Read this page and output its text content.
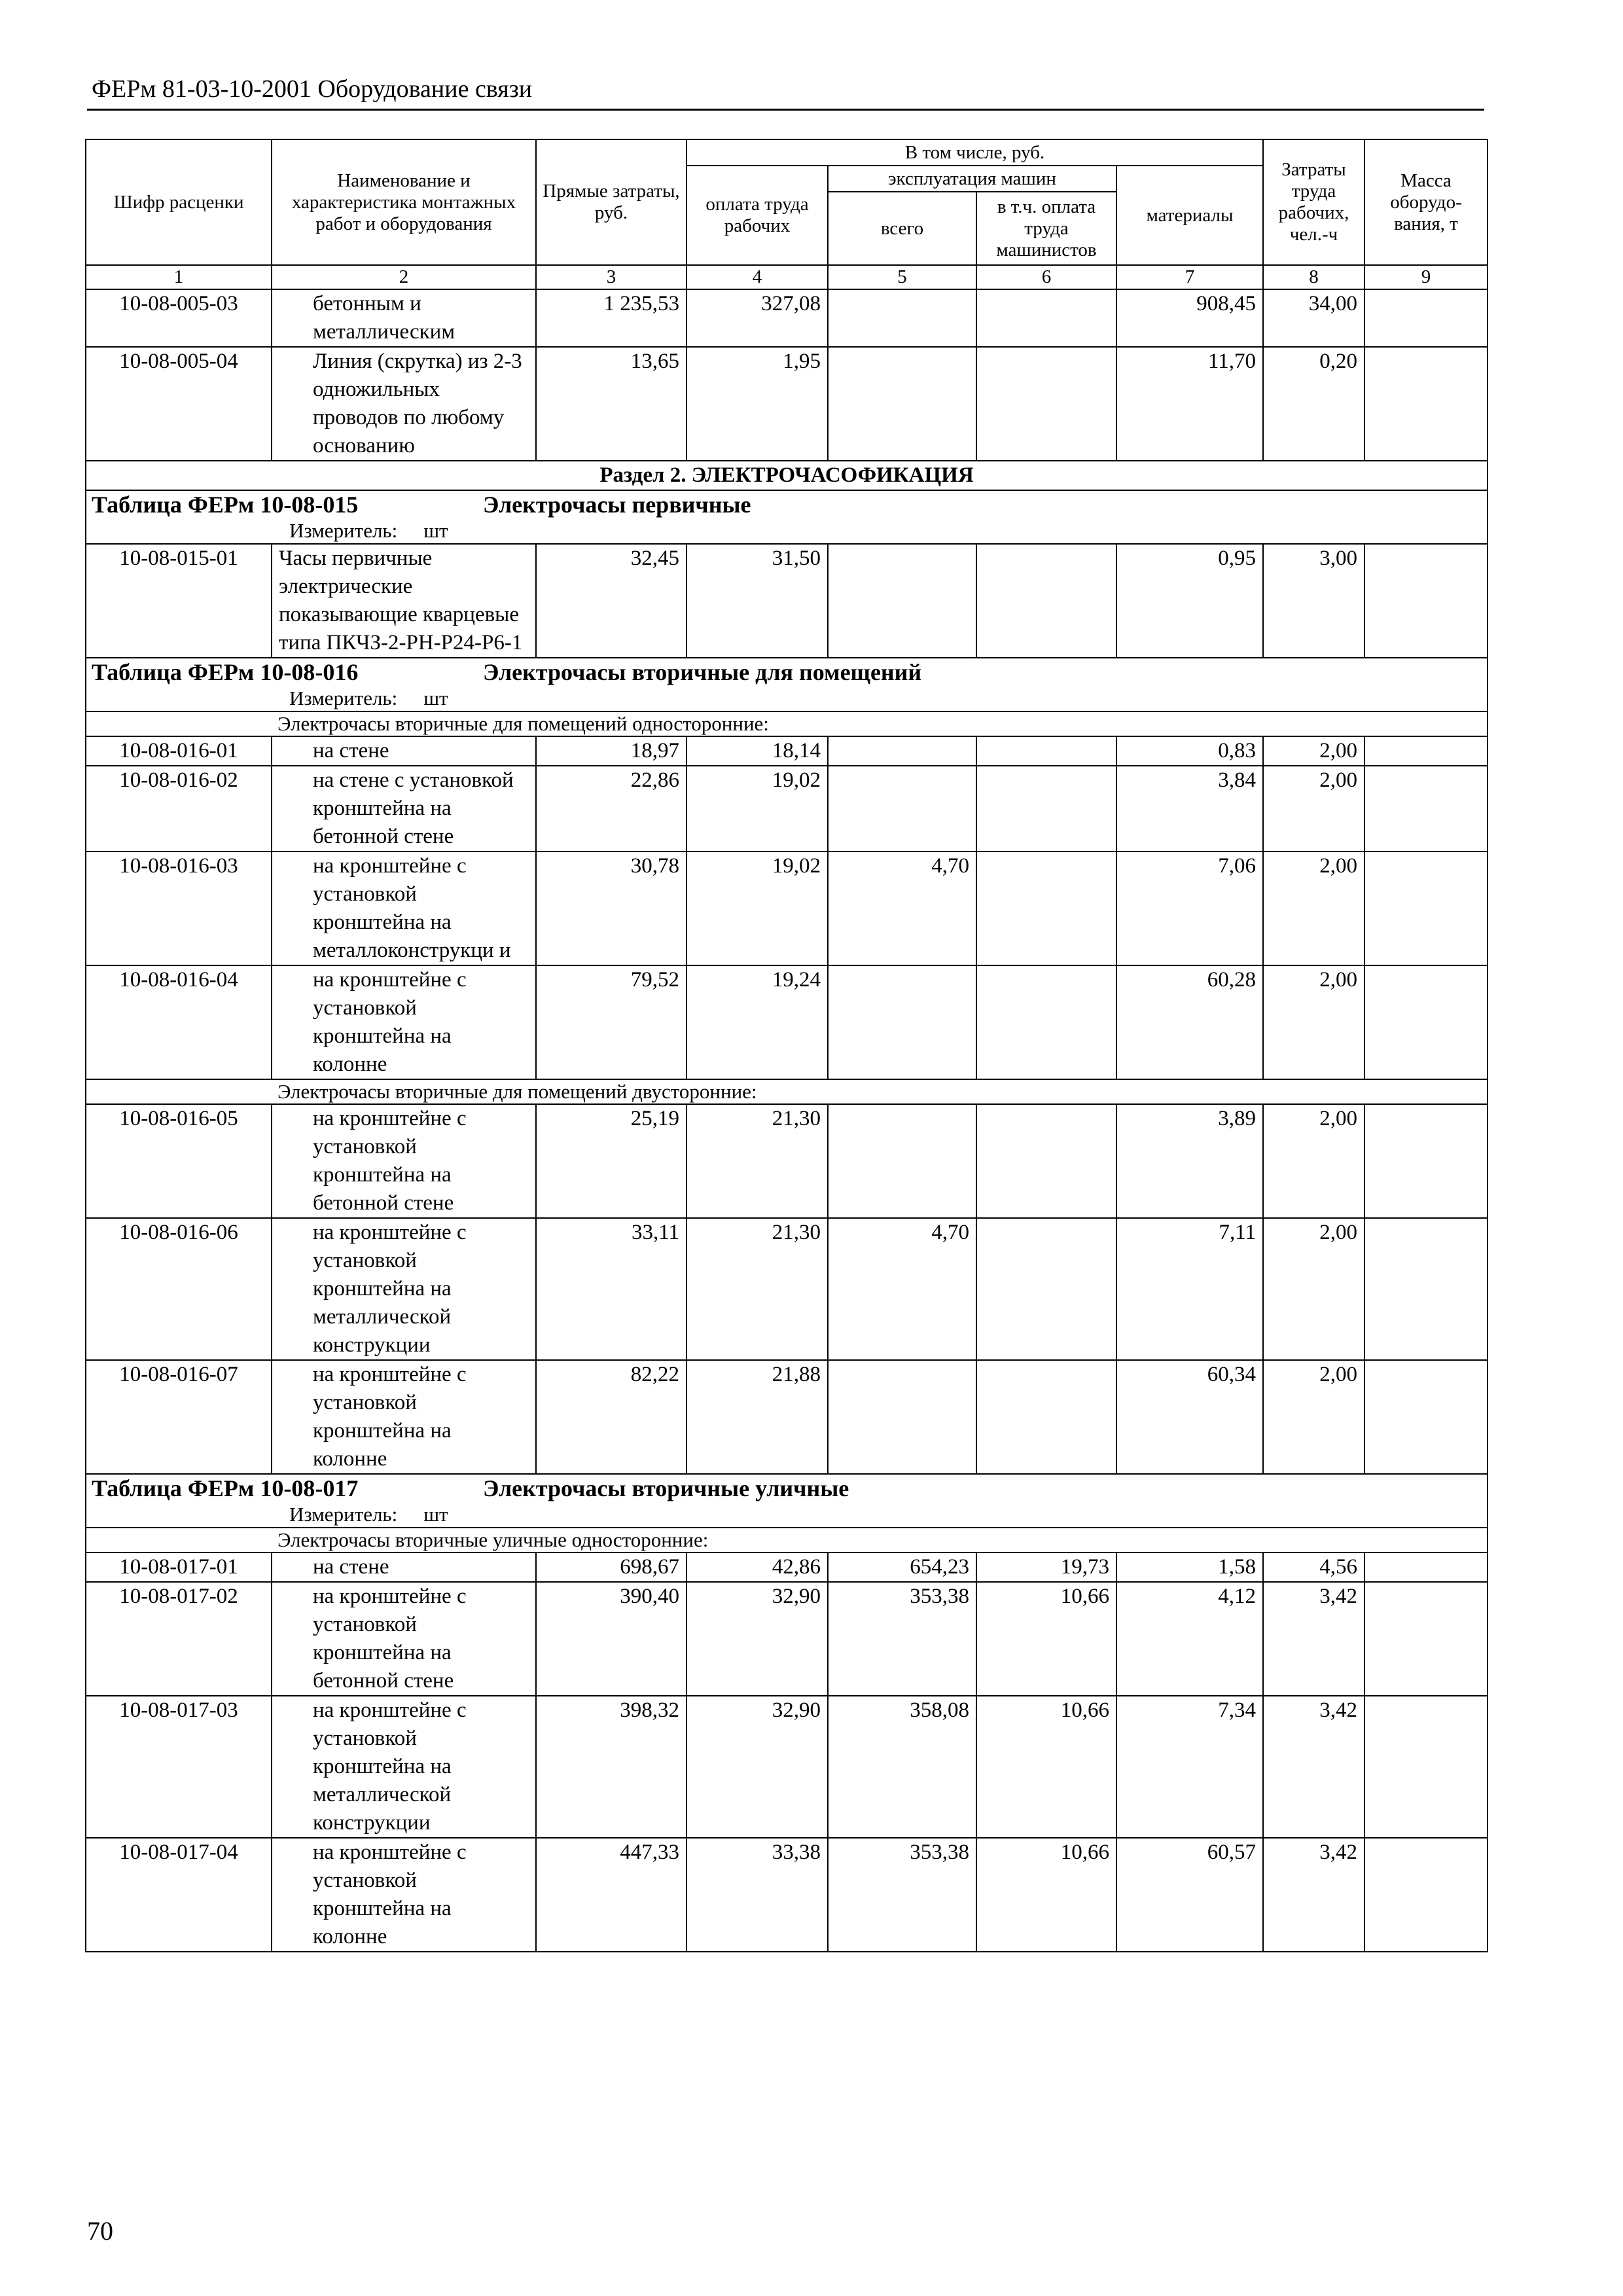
ФЕРм 81-03-10-2001 Оборудование связи
Шифр расценки	Наименование и характеристика монтажных работ и оборудования	Прямые затраты, руб.	В том числе, руб.				Затраты труда рабочих, чел.-ч	Масса оборудо-вания, т
			оплата труда рабочих	эксплуатация машин		материалы		
				всего	в т.ч. оплата труда машинистов			
1	2	3	4	5	6	7	8	9
10-08-005-03	бетонным и металлическим	1 235,53	327,08			908,45	34,00	
10-08-005-04	Линия (скрутка) из 2-3 одножильных проводов по любому основанию	13,65	1,95			11,70	0,20	
Раздел 2. ЭЛЕКТРОЧАСОФИКАЦИЯ								

Таблица ФЕРм 10-08-015 Электрочасы первичные
Измеритель: шт								

10-08-015-01	Часы первичные электрические показывающие кварцевые типа ПКЧЗ-2-РН-Р24-Р6-1	32,45	31,50			0,95	3,00	

Таблица ФЕРм 10-08-016 Электрочасы вторичные для помещений
Измеритель: шт								

Электрочасы вторичные для помещений односторонние:								
10-08-016-01	на стене	18,97	18,14			0,83	2,00	
10-08-016-02	на стене с установкой кронштейна на бетонной стене	22,86	19,02			3,84	2,00	
10-08-016-03	на кронштейне с установкой кронштейна на металлоконструкци и	30,78	19,02	4,70		7,06	2,00	
10-08-016-04	на кронштейне с установкой кронштейна на колонне	79,52	19,24			60,28	2,00	
Электрочасы вторичные для помещений двусторонние:								
10-08-016-05	на кронштейне с установкой кронштейна на бетонной стене	25,19	21,30			3,89	2,00	
10-08-016-06	на кронштейне с установкой кронштейна на металлической конструкции	33,11	21,30	4,70		7,11	2,00	
10-08-016-07	на кронштейне с установкой кронштейна на колонне	82,22	21,88			60,34	2,00	

Таблица ФЕРм 10-08-017 Электрочасы вторичные уличные
Измеритель: шт								

Электрочасы вторичные уличные односторонние:								
10-08-017-01	на стене	698,67	42,86	654,23	19,73	1,58	4,56	
10-08-017-02	на кронштейне с установкой кронштейна на бетонной стене	390,40	32,90	353,38	10,66	4,12	3,42	
10-08-017-03	на кронштейне с установкой кронштейна на металлической конструкции	398,32	32,90	358,08	10,66	7,34	3,42	
10-08-017-04	на кронштейне с установкой кронштейна на колонне	447,33	33,38	353,38	10,66	60,57	3,42	
70
